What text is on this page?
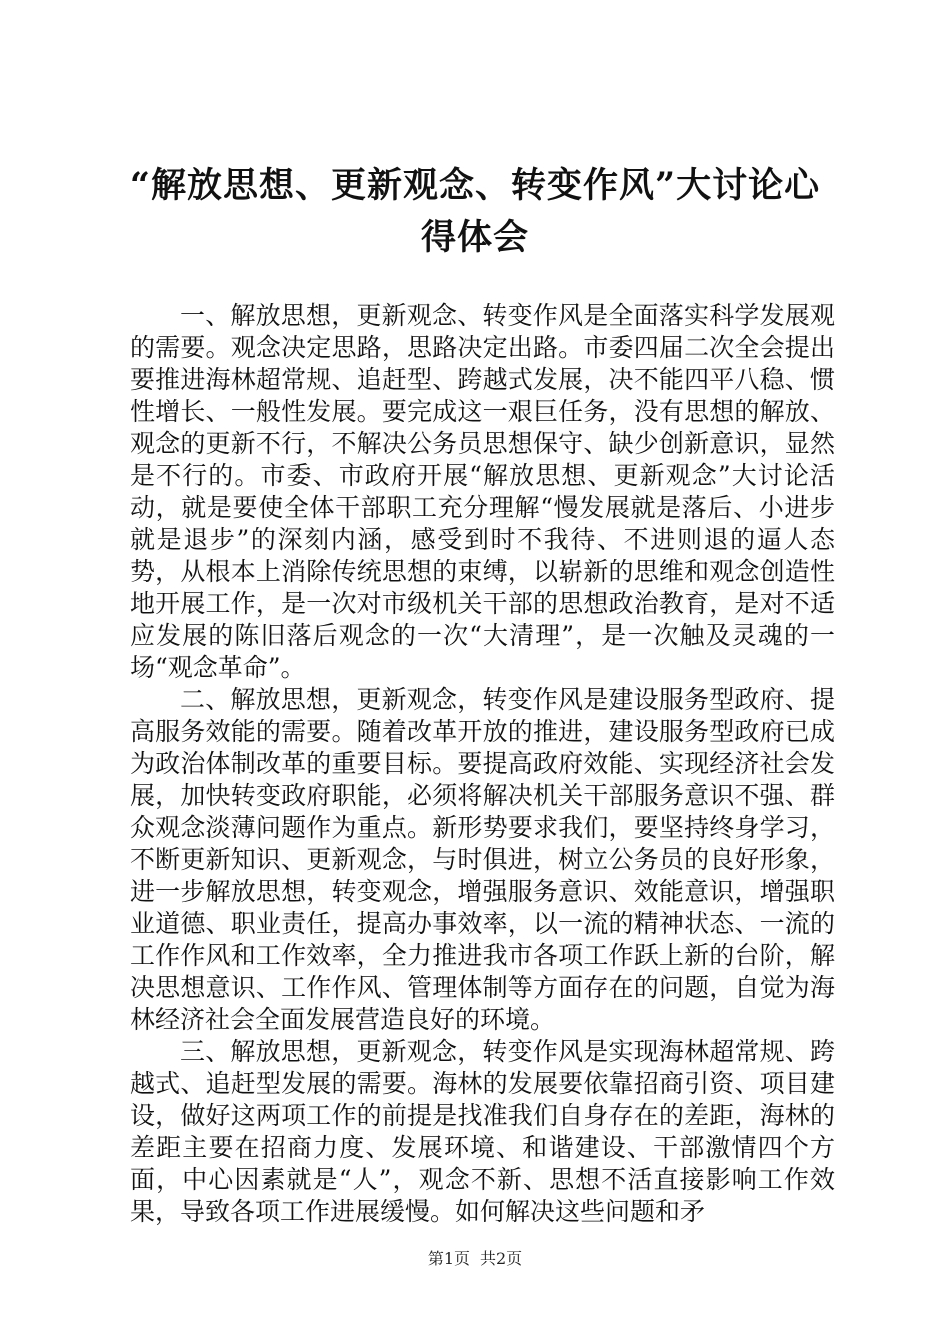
“解放思想、更新观念、转变作风”大讨论心得体会

一、解放思想，更新观念、转变作风是全面落实科学发展观的需要。观念决定思路，思路决定出路。市委四届二次全会提出要推进海林超常规、追赶型、跨越式发展，决不能四平八稳、惯性增长、一般性发展。要完成这一艰巨任务，没有思想的解放、观念的更新不行，不解决公务员思想保守、缺少创新意识，显然是不行的。市委、市政府开展“解放思想、更新观念”大讨论活动，就是要使全体干部职工充分理解“慢发展就是落后、小进步就是退步”的深刻内涵，感受到时不我待、不进则退的逼人态势，从根本上消除传统思想的束缚，以崭新的思维和观念创造性地开展工作，是一次对市级机关干部的思想政治教育，是对不适应发展的陈旧落后观念的一次“大清理”，是一次触及灵魂的一场“观念革命”。

二、解放思想，更新观念，转变作风是建设服务型政府、提高服务效能的需要。随着改革开放的推进，建设服务型政府已成为政治体制改革的重要目标。要提高政府效能、实现经济社会发展，加快转变政府职能，必须将解决机关干部服务意识不强、群众观念淡薄问题作为重点。新形势要求我们，要坚持终身学习，不断更新知识、更新观念，与时俱进，树立公务员的良好形象，进一步解放思想，转变观念，增强服务意识、效能意识，增强职业道德、职业责任，提高办事效率，以一流的精神状态、一流的工作作风和工作效率，全力推进我市各项工作跃上新的台阶，解决思想意识、工作作风、管理体制等方面存在的问题，自觉为海林经济社会全面发展营造良好的环境。

三、解放思想，更新观念，转变作风是实现海林超常规、跨越式、追赶型发展的需要。海林的发展要依靠招商引资、项目建设，做好这两项工作的前提是找准我们自身存在的差距，海林的差距主要在招商力度、发展环境、和谐建设、干部激情四个方面，中心因素就是“人”，观念不新、思想不活直接影响工作效果，导致各项工作进展缓慢。如何解决这些问题和矛

第1页 共2页
